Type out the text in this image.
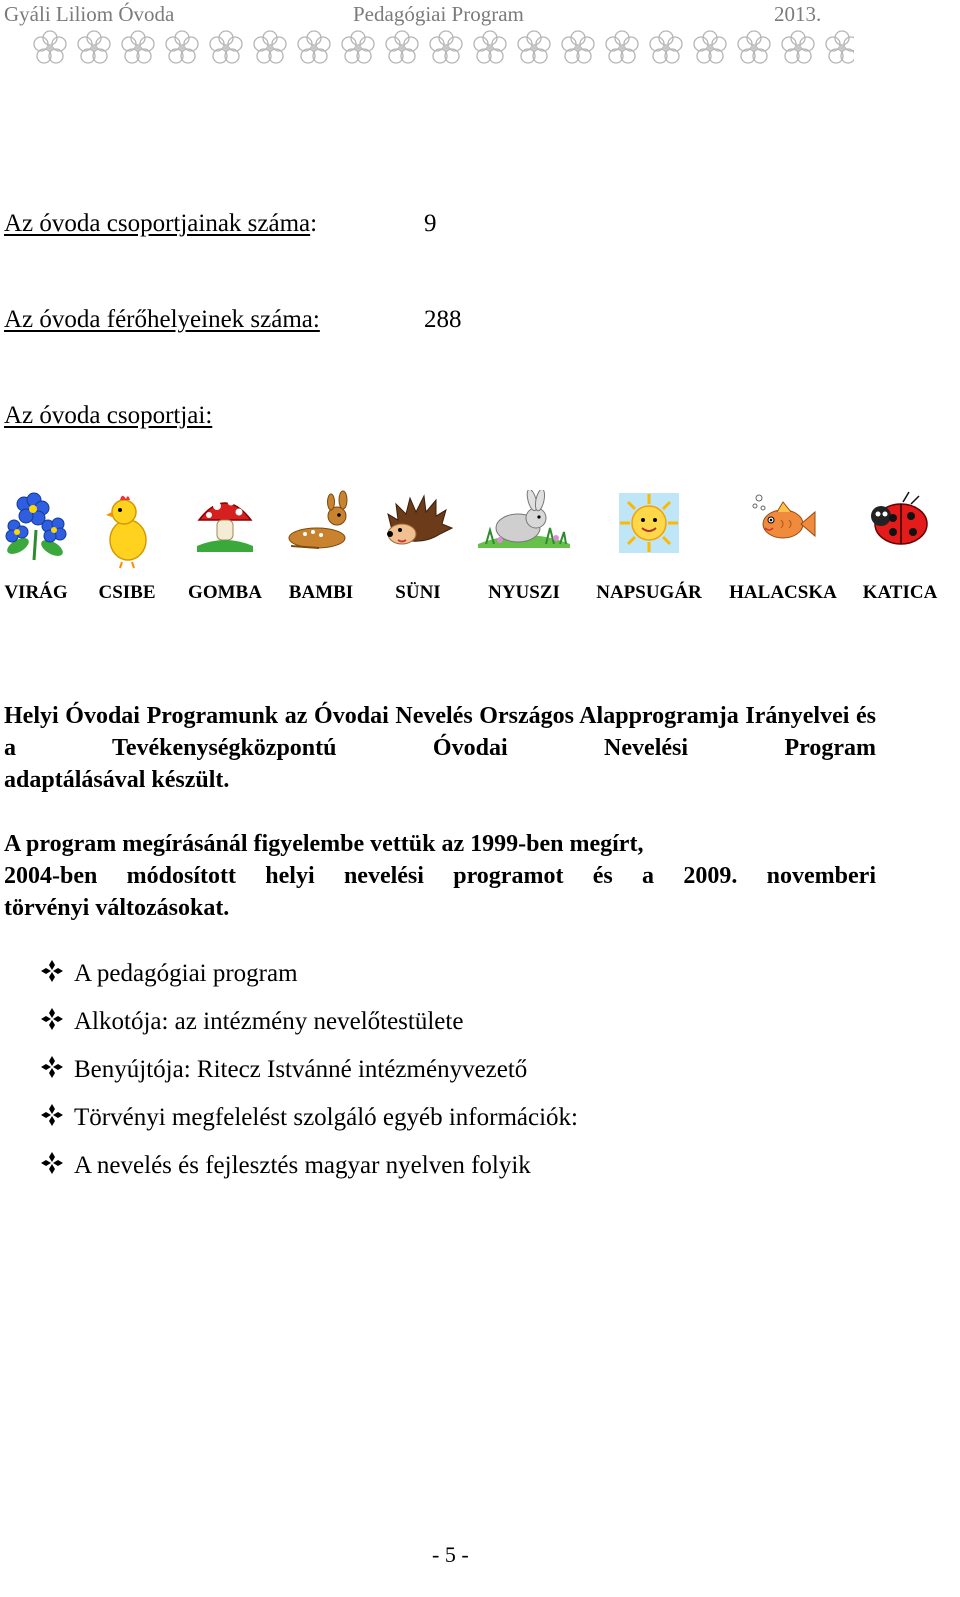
Gyáli Liliom Óvoda	Pedagógiai Program	2013.
Az óvoda csoportjainak száma:	9
Az óvoda férőhelyeinek száma:	288
Az óvoda csoportjai:
VIRÁG CSIBE GOMBA	BAMBI	SÜNI	NYUSZI	NAPSUGÁR HALACSKA KATICA
Helyi Óvodai Programunk az Óvodai Nevelés Országos Alapprogramja Irányelvei és a Tevékenységközpontú Óvodai Nevelési Program
adaptálásával készült.
A program megírásánál figyelembe vettük az 1999-ben megírt,
2004-ben módosított helyi nevelési programot és a 2009. novemberi
törvényi változásokat.
A pedagógiai program
Alkotója: az intézmény nevelőtestülete
Benyújtója: Ritecz Istvánné intézményvezető
Törvényi megfelelést szolgáló egyéb információk:
A nevelés és fejlesztés magyar nyelven folyik
- 5 -
